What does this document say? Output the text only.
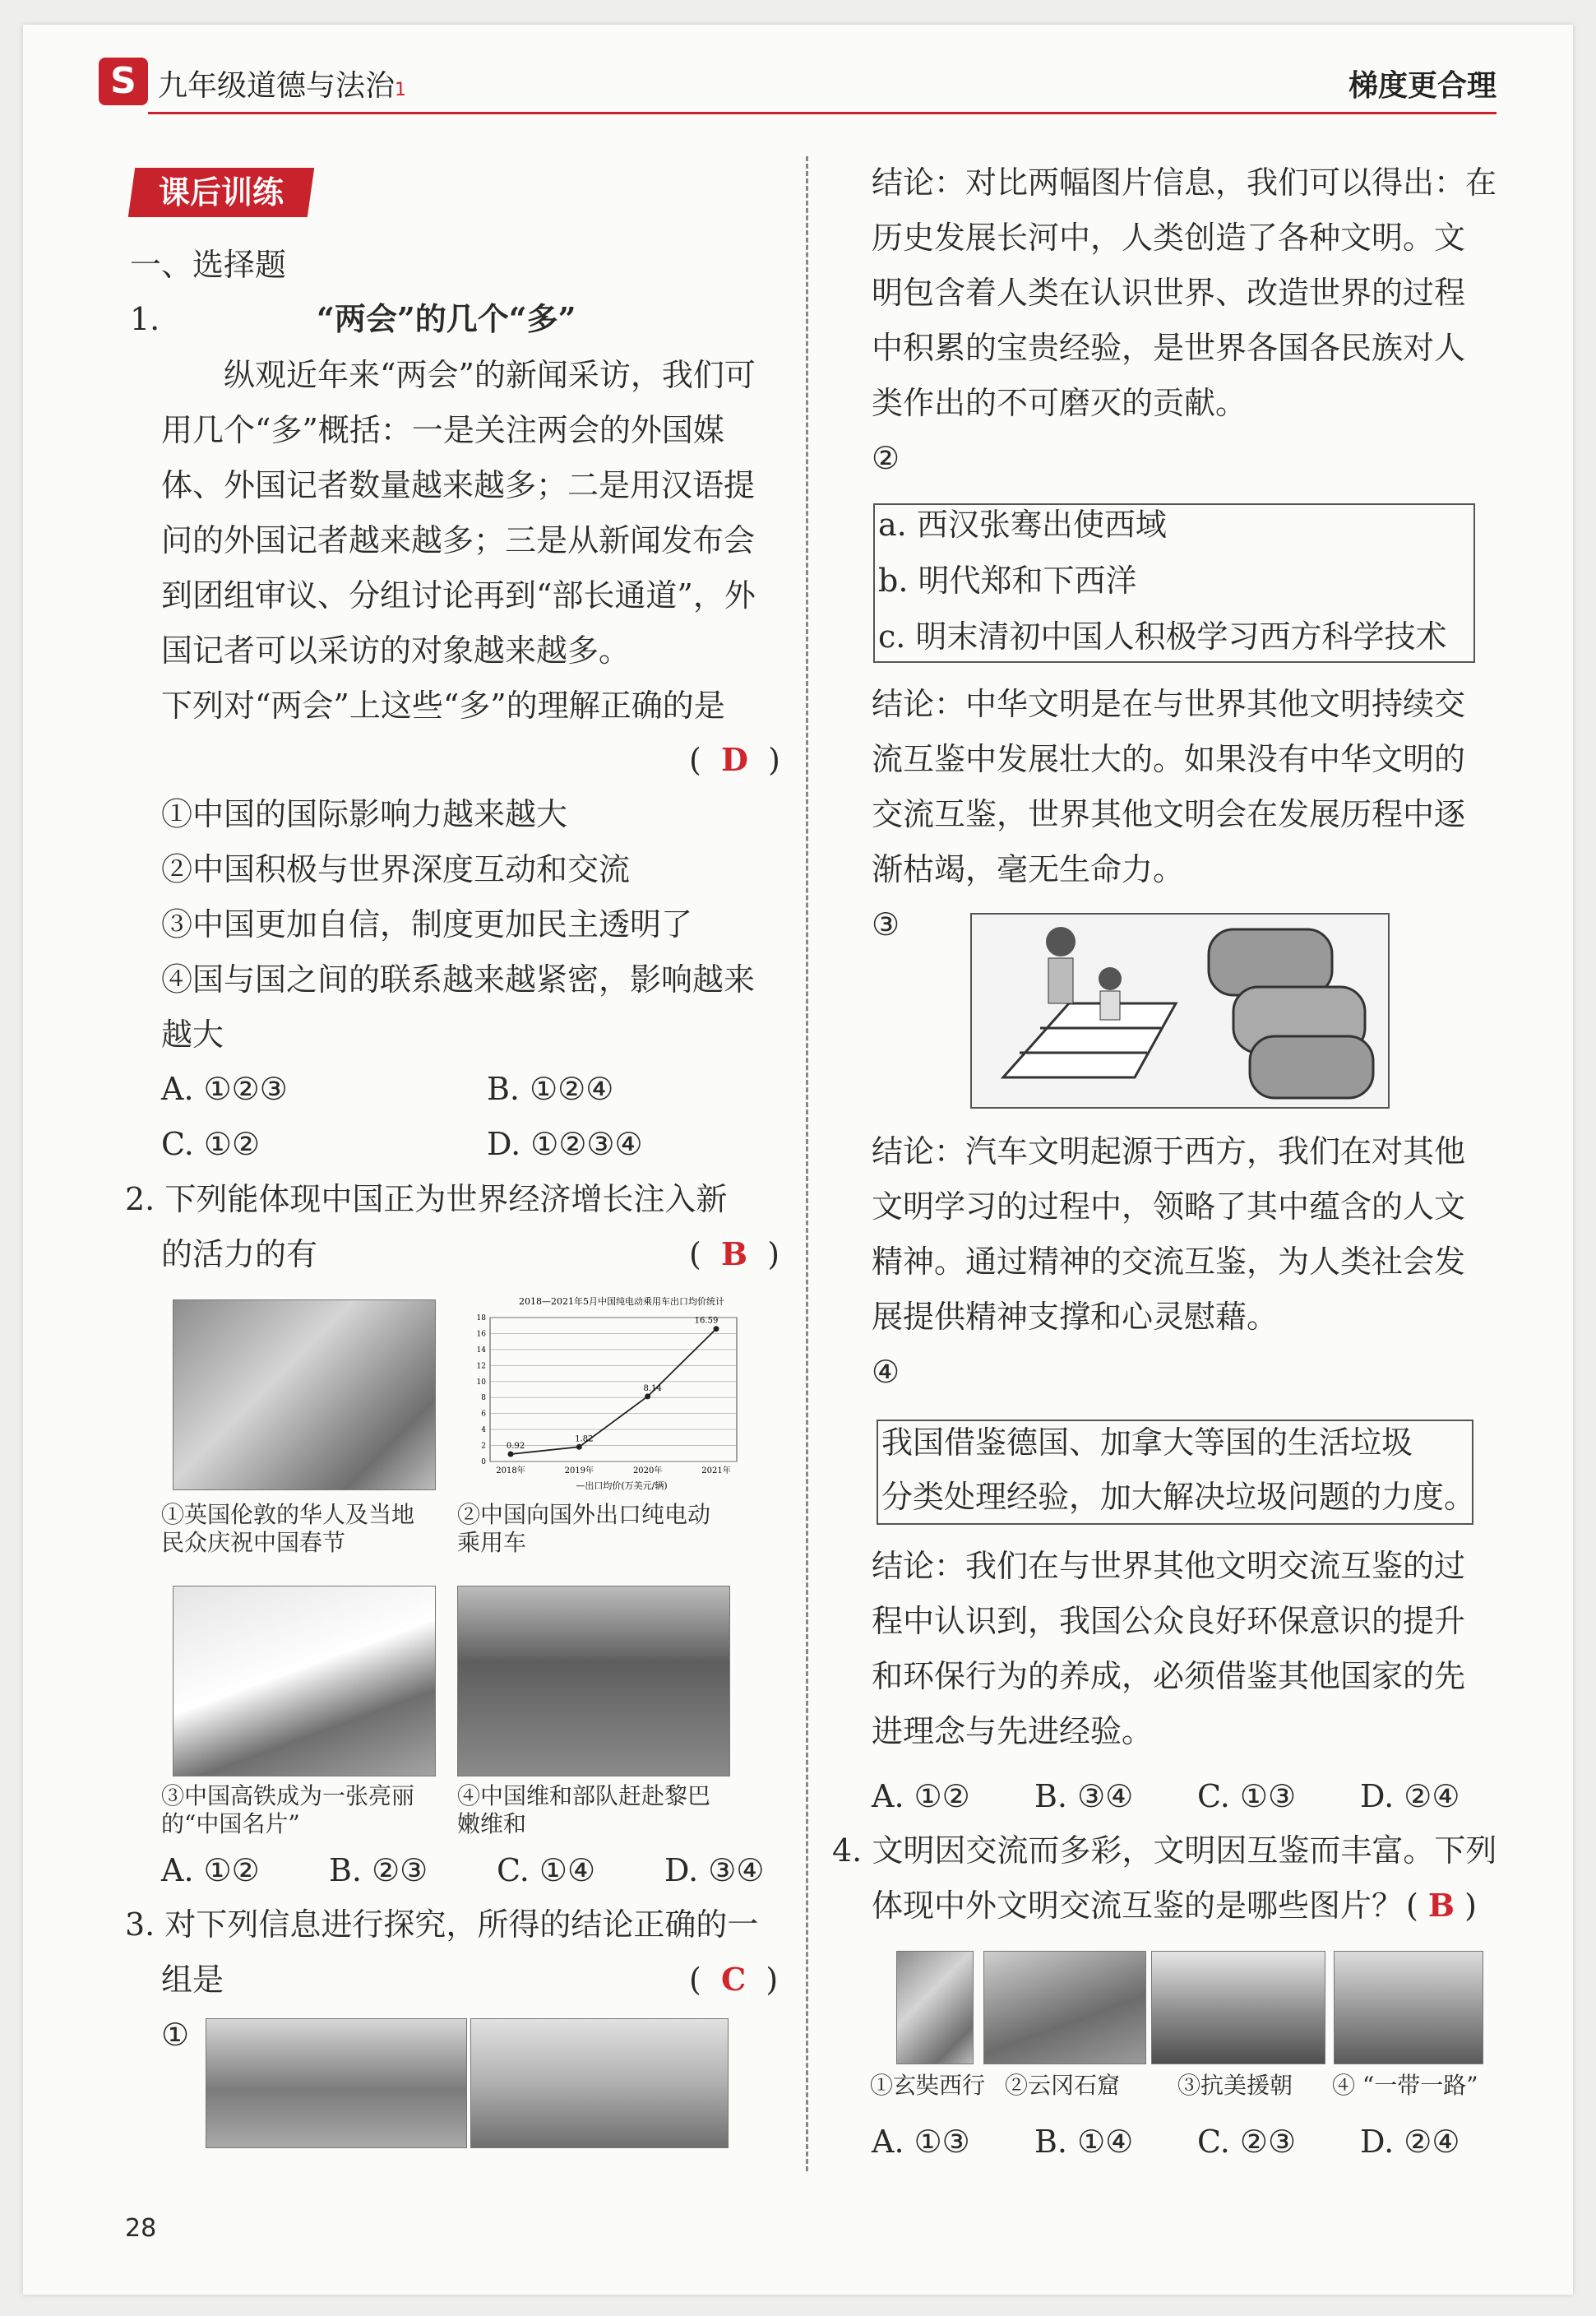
S 九年级道德与法治1	梯度更合理
课后训练
一、选择题
1.	“两会”的几个“多”
纵观近年来“两会”的新闻采访，我们可
用几个“多”概括：一是关注两会的外国媒
体、外国记者数量越来越多；二是用汉语提
问的外国记者越来越多；三是从新闻发布会
到团组审议、分组讨论再到“部长通道”，外
国记者可以采访的对象越来越多。
下列对“两会”上这些“多”的理解正确的是
(  D  )
①中国的国际影响力越来越大
②中国积极与世界深度互动和交流
③中国更加自信，制度更加民主透明了
④国与国之间的联系越来越紧密，影响越来
越大
A. ①②③	B. ①②④
C. ①②	D. ①②③④
2. 下列能体现中国正为世界经济增长注入新
的活力的有	(  B  )
①英国伦敦的华人及当地
民众庆祝中国春节
2018—2021年5月中国纯电动乘用车出口均价统计
0
2
4
6
8
10
12
14
16
18
2018年	2019年	2020年	2021年
0.92
1.82
8.14
16.59
—出口均价(万美元/辆)
②中国向国外出口纯电动
乘用车
③中国高铁成为一张亮丽
的“中国名片”
④中国维和部队赶赴黎巴
嫩维和
A. ①② B. ②③ C. ①④ D. ③④
3. 对下列信息进行探究，所得的结论正确的一
组是	(  C  )
①
28
结论：对比两幅图片信息，我们可以得出：在
历史发展长河中，人类创造了各种文明。文
明包含着人类在认识世界、改造世界的过程
中积累的宝贵经验，是世界各国各民族对人
类作出的不可磨灭的贡献。
②
a. 西汉张骞出使西域
b. 明代郑和下西洋
c. 明末清初中国人积极学习西方科学技术
结论：中华文明是在与世界其他文明持续交
流互鉴中发展壮大的。如果没有中华文明的
交流互鉴，世界其他文明会在发展历程中逐
渐枯竭，毫无生命力。
③
结论：汽车文明起源于西方，我们在对其他
文明学习的过程中，领略了其中蕴含的人文
精神。通过精神的交流互鉴，为人类社会发
展提供精神支撑和心灵慰藉。
④
我国借鉴德国、加拿大等国的生活垃圾
分类处理经验，加大解决垃圾问题的力度。
结论：我们在与世界其他文明交流互鉴的过
程中认识到，我国公众良好环保意识的提升
和环保行为的养成，必须借鉴其他国家的先
进理念与先进经验。
A. ①② B. ③④ C. ①③ D. ②④
4. 文明因交流而多彩，文明因互鉴而丰富。下列
体现中外文明交流互鉴的是哪些图片？ ( B )
①玄奘西行 ②云冈石窟 ③抗美援朝 ④ “一带一路”
A. ①③ B. ①④ C. ②③ D. ②④
